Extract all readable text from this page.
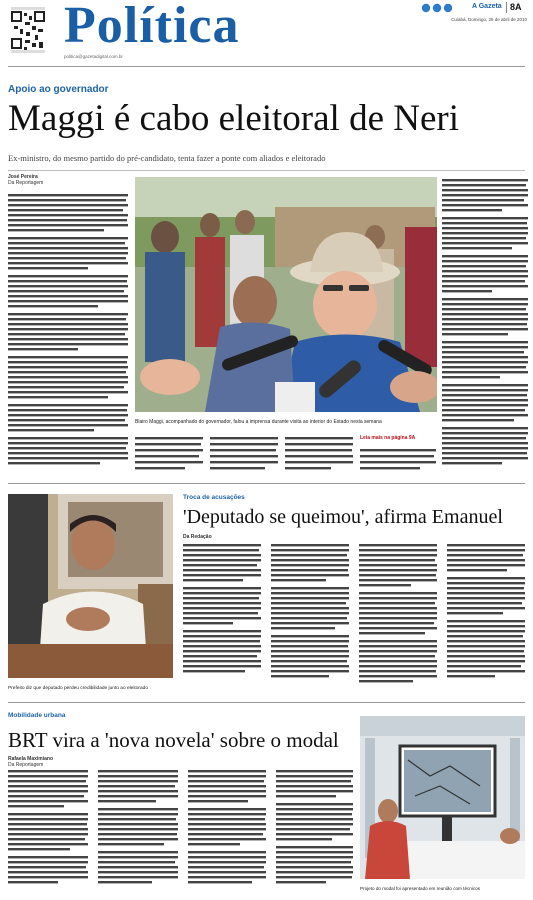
Política
politica@gazetadigital.com.br
A Gazeta 8A
Cuiabá, Domingo, 25 de abril de 2010
Apoio ao governador
Maggi é cabo eleitoral de Neri
Ex-ministro, do mesmo partido do pré-candidato, tenta fazer a ponte com aliados e eleitorado
José Pereira
Da Reportagem
Blairo Maggi, acompanhado do governador, falou a imprensa durante visita ao interior do Estado nesta semana
Leia mais na página 9A
Prefeito diz que deputado perdeu credibilidade junto ao eleitorado
Troca de acusações
'Deputado se queimou', afirma Emanuel
Da Redação
Mobilidade urbana
BRT vira a 'nova novela' sobre o modal
Rafaela Maximiano
Da Reportagem
Projeto do modal foi apresentado em reunião com técnicos
